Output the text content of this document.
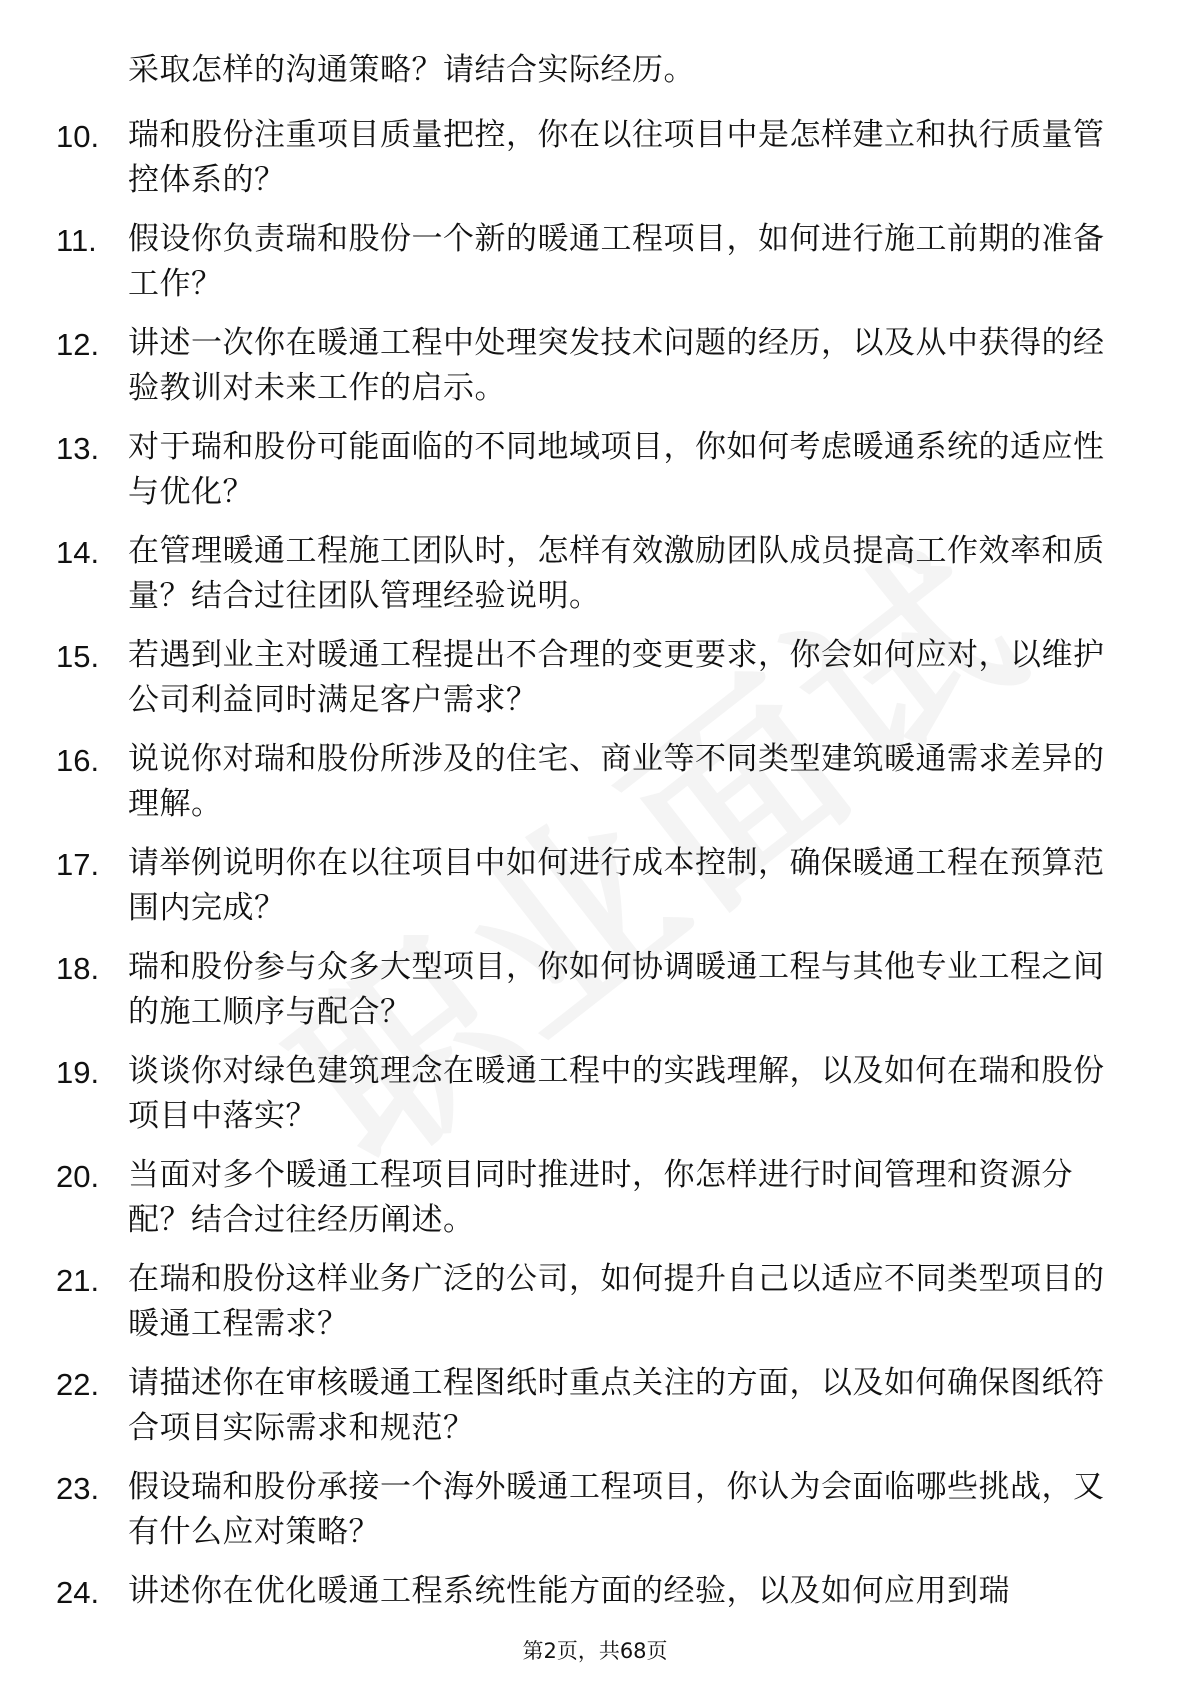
采取怎样的沟通策略？请结合实际经历。
10. 瑞和股份注重项目质量把控，你在以往项目中是怎样建立和执行质量管控体系的？
11.	假设你负责瑞和股份一个新的暖通工程项目，如何进行施工前期的准备工作？
12. 讲述一次你在暖通工程中处理突发技术问题的经历，以及从中获得的经验教训对未来工作的启示。
13. 对于瑞和股份可能面临的不同地域项目，你如何考虑暖通系统的适应性与优化？
14. 在管理暖通工程施工团队时，怎样有效激励团队成员提高工作效率和质量？结合过往团队管理经验说明。
15. 若遇到业主对暖通工程提出不合理的变更要求，你会如何应对，以维护公司利益同时满足客户需求？
16. 说说你对瑞和股份所涉及的住宅、商业等不同类型建筑暖通需求差异的理解。
17. 请举例说明你在以往项目中如何进行成本控制，确保暖通工程在预算范围内完成？
18. 瑞和股份参与众多大型项目，你如何协调暖通工程与其他专业工程之间的施工顺序与配合？
19. 谈谈你对绿色建筑理念在暖通工程中的实践理解，以及如何在瑞和股份项目中落实？
20. 当面对多个暖通工程项目同时推进时，你怎样进行时间管理和资源分配？结合过往经历阐述。
21. 在瑞和股份这样业务广泛的公司，如何提升自己以适应不同类型项目的暖通工程需求？
22. 请描述你在审核暖通工程图纸时重点关注的方面，以及如何确保图纸符合项目实际需求和规范？
23. 假设瑞和股份承接一个海外暖通工程项目，你认为会面临哪些挑战，又有什么应对策略？
24. 讲述你在优化暖通工程系统性能方面的经验，以及如何应用到瑞
第2页，共68页
